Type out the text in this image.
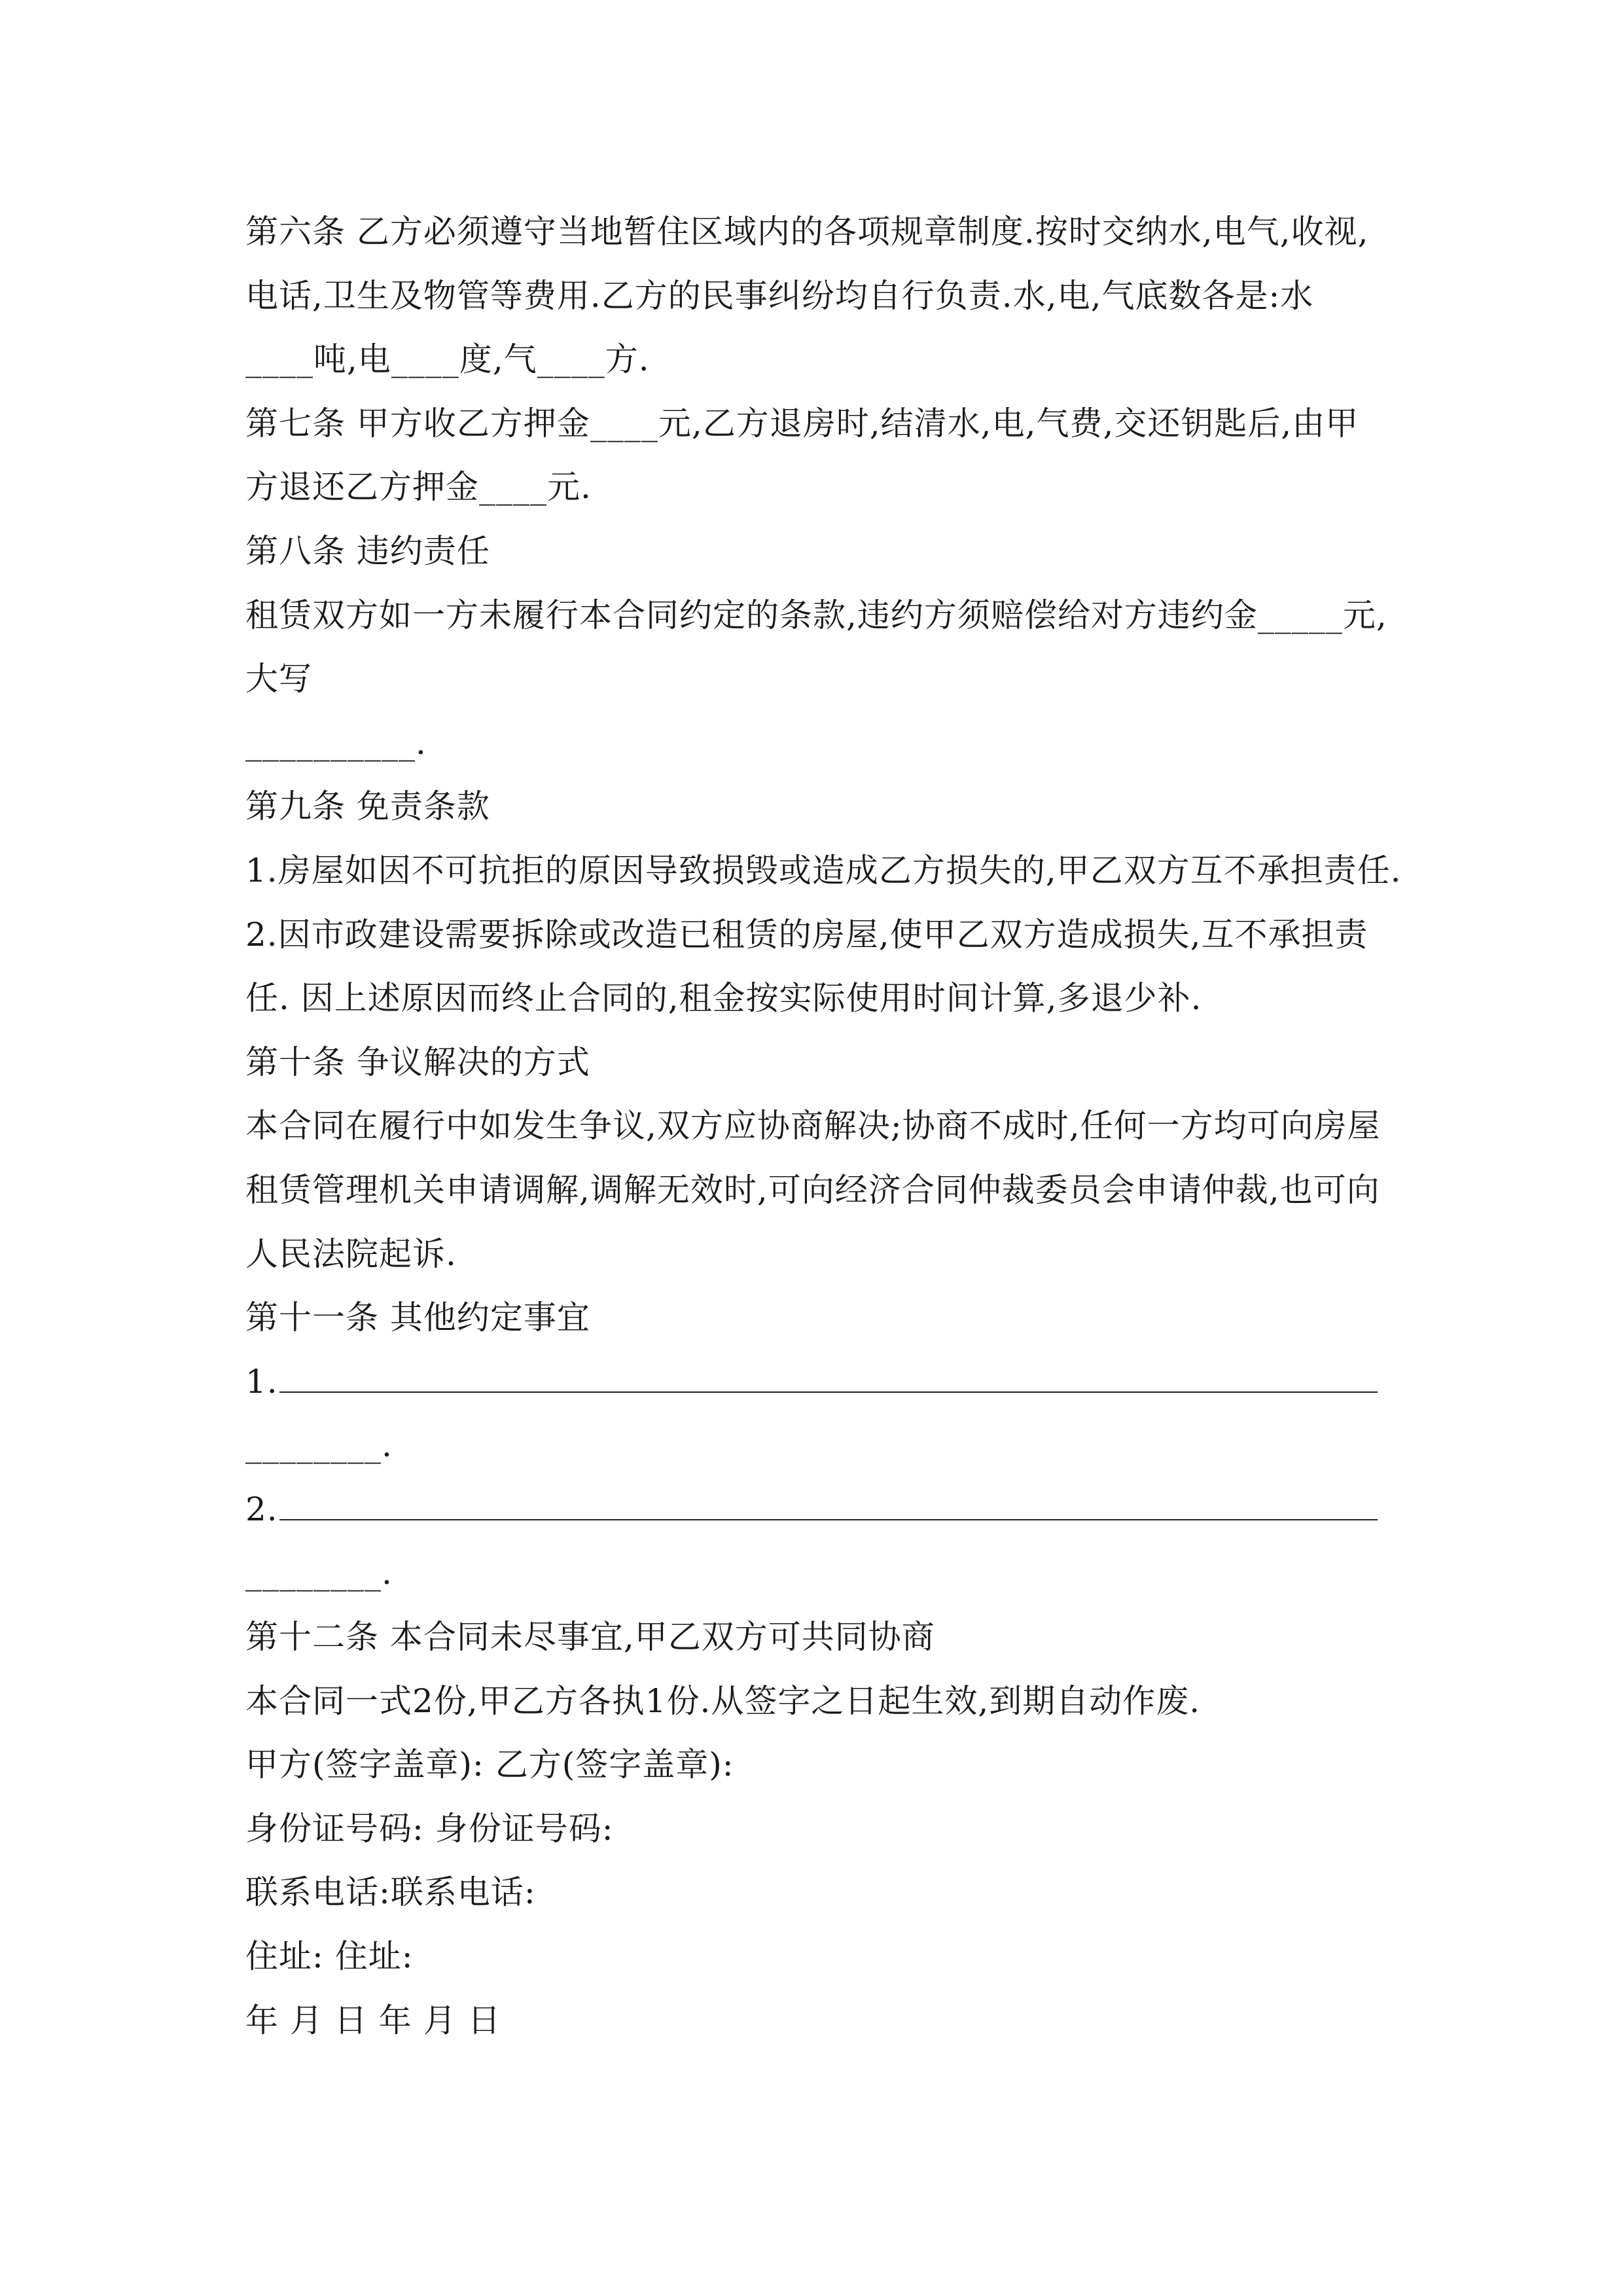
第六条 乙方必须遵守当地暂住区域内的各项规章制度.按时交纳水,电气,收视,
电话,卫生及物管等费用.乙方的民事纠纷均自行负责.水,电,气底数各是:水
____吨,电____度,气____方.
第七条 甲方收乙方押金____元,乙方退房时,结清水,电,气费,交还钥匙后,由甲
方退还乙方押金____元.
第八条 违约责任
租赁双方如一方未履行本合同约定的条款,违约方须赔偿给对方违约金_____元,
大写
__________.
第九条 免责条款
1.房屋如因不可抗拒的原因导致损毁或造成乙方损失的,甲乙双方互不承担责任.
2.因市政建设需要拆除或改造已租赁的房屋,使甲乙双方造成损失,互不承担责
任. 因上述原因而终止合同的,租金按实际使用时间计算,多退少补.
第十条 争议解决的方式
本合同在履行中如发生争议,双方应协商解决;协商不成时,任何一方均可向房屋
租赁管理机关申请调解,调解无效时,可向经济合同仲裁委员会申请仲裁,也可向
人民法院起诉.
第十一条 其他约定事宜
1.
________.
2.
________.
第十二条 本合同未尽事宜,甲乙双方可共同协商
本合同一式2份,甲乙方各执1份.从签字之日起生效,到期自动作废.
甲方(签字盖章): 乙方(签字盖章):
身份证号码: 身份证号码:
联系电话:联系电话:
住址: 住址:
年 月 日 年 月 日
